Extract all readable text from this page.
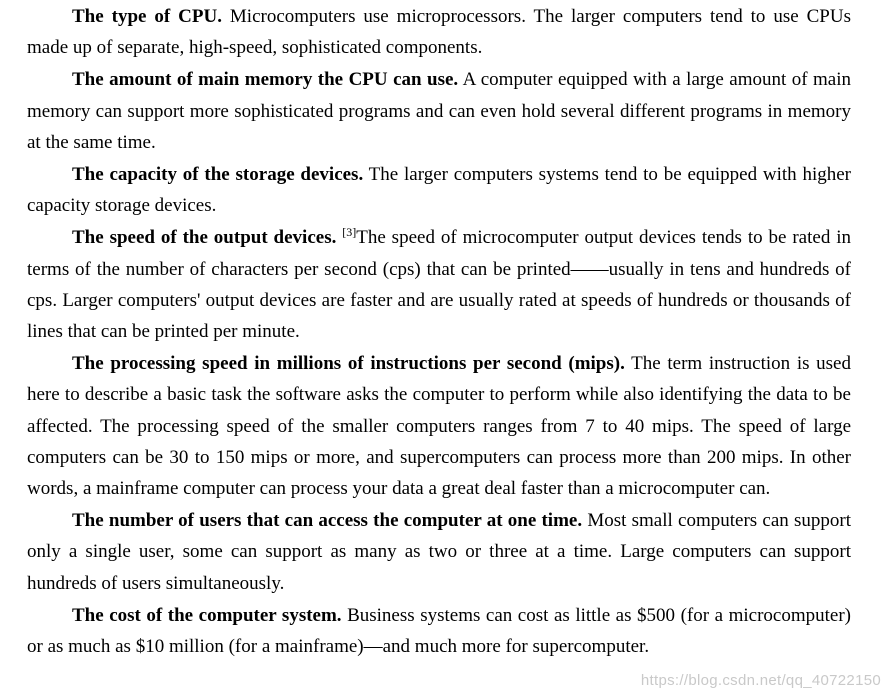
The type of CPU. Microcomputers use microprocessors. The larger computers tend to use CPUs made up of separate, high-speed, sophisticated components.

The amount of main memory the CPU can use. A computer equipped with a large amount of main memory can support more sophisticated programs and can even hold several different programs in memory at the same time.

The capacity of the storage devices. The larger computers systems tend to be equipped with higher capacity storage devices.

The speed of the output devices. [3]The speed of microcomputer output devices tends to be rated in terms of the number of characters per second (cps) that can be printed——usually in tens and hundreds of cps. Larger computers' output devices are faster and are usually rated at speeds of hundreds or thousands of lines that can be printed per minute.

The processing speed in millions of instructions per second (mips). The term instruction is used here to describe a basic task the software asks the computer to perform while also identifying the data to be affected. The processing speed of the smaller computers ranges from 7 to 40 mips. The speed of large computers can be 30 to 150 mips or more, and supercomputers can process more than 200 mips. In other words, a mainframe computer can process your data a great deal faster than a microcomputer can.

The number of users that can access the computer at one time. Most small computers can support only a single user, some can support as many as two or three at a time. Large computers can support hundreds of users simultaneously.

The cost of the computer system. Business systems can cost as little as $500 (for a microcomputer) or as much as $10 million (for a mainframe)—and much more for supercomputer.

https://blog.csdn.net/qq_40722150
